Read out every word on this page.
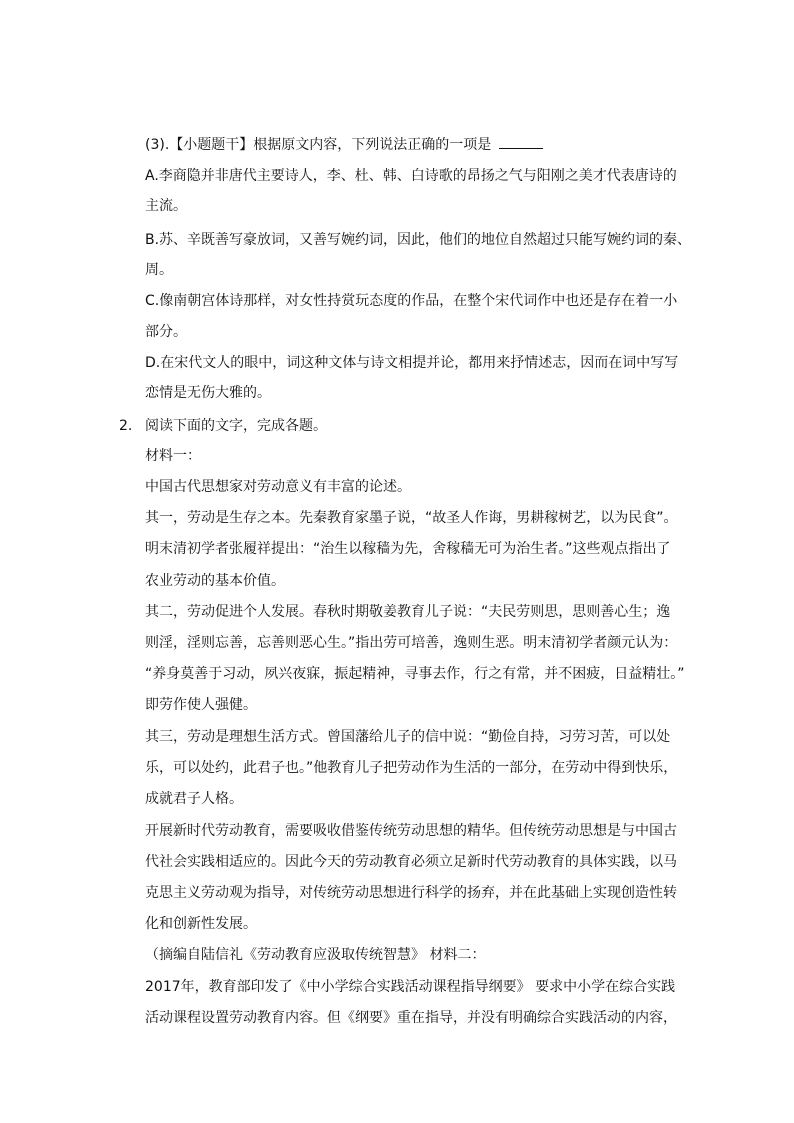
(3).【小题题干】根据原文内容，下列说法正确的一项是
A.李商隐并非唐代主要诗人，李、杜、韩、白诗歌的昂扬之气与阳刚之美才代表唐诗的
主流。
B.苏、辛既善写豪放词，又善写婉约词，因此，他们的地位自然超过只能写婉约词的秦、
周。
C.像南朝宫体诗那样，对女性持赏玩态度的作品，在整个宋代词作中也还是存在着一小
部分。
D.在宋代文人的眼中，词这种文体与诗文相提并论，都用来抒情述志，因而在词中写写
恋情是无伤大雅的。
2. 阅读下面的文字，完成各题。
材料一：
中国古代思想家对劳动意义有丰富的论述。
其一，劳动是生存之本。先秦教育家墨子说，“故圣人作诲，男耕稼树艺，以为民食”。
明末清初学者张履祥提出：“治生以稼穑为先，舍稼穑无可为治生者。”这些观点指出了
农业劳动的基本价值。
其二，劳动促进个人发展。春秋时期敬姜教育儿子说：“夫民劳则思，思则善心生；逸
则淫，淫则忘善，忘善则恶心生。”指出劳可培善，逸则生恶。明末清初学者颜元认为：
“养身莫善于习动，夙兴夜寐，振起精神，寻事去作，行之有常，并不困疲，日益精壮。”
即劳作使人强健。
其三，劳动是理想生活方式。曾国藩给儿子的信中说：“勤俭自持，习劳习苦，可以处
乐，可以处约，此君子也。”他教育儿子把劳动作为生活的一部分，在劳动中得到快乐，
成就君子人格。
开展新时代劳动教育，需要吸收借鉴传统劳动思想的精华。但传统劳动思想是与中国古
代社会实践相适应的。因此今天的劳动教育必须立足新时代劳动教育的具体实践，以马
克思主义劳动观为指导，对传统劳动思想进行科学的扬弃，并在此基础上实现创造性转
化和创新性发展。
（摘编自陆信礼《劳动教育应汲取传统智慧》 材料二：
2017年，教育部印发了《中小学综合实践活动课程指导纲要》 要求中小学在综合实践
活动课程设置劳动教育内容。但《纲要》重在指导，并没有明确综合实践活动的内容，
